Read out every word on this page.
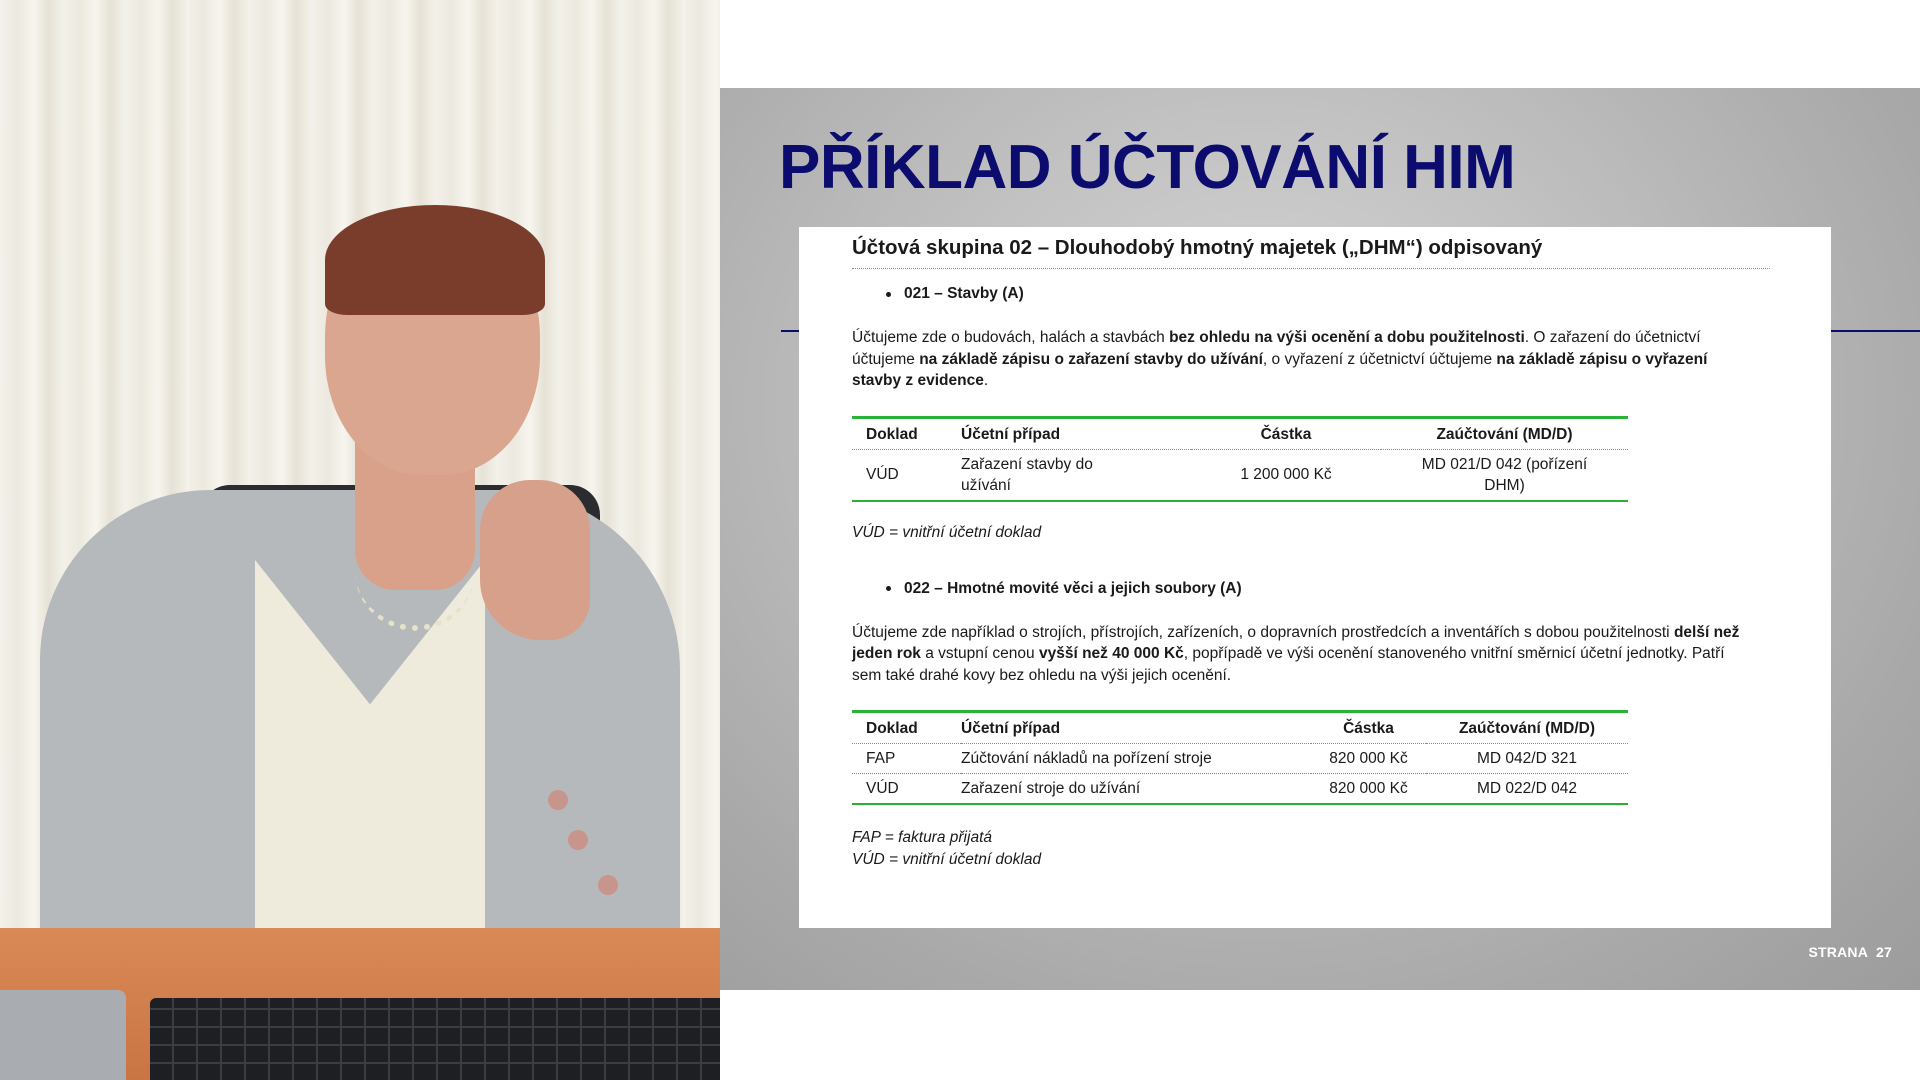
PŘÍKLAD ÚČTOVÁNÍ HIM
Účtová skupina 02 – Dlouhodobý hmotný majetek („DHM“) odpisovaný
021 – Stavby (A)

Účtujeme zde o budovách, halách a stavbách bez ohledu na výši ocenění a dobu použitelnosti. O zařazení do účetnictví účtujeme na základě zápisu o zařazení stavby do užívání, o vyřazení z účetnictví účtujeme na základě zápisu o vyřazení stavby z evidence.

Doklad	Účetní případ	Částka	Zaúčtování (MD/D)
VÚD	Zařazení stavby do užívání	1 200 000 Kč	MD 021/D 042 (pořízení DHM)
VÚD = vnitřní účetní doklad
022 – Hmotné movité věci a jejich soubory (A)

Účtujeme zde například o strojích, přístrojích, zařízeních, o dopravních prostředcích a inventářích s dobou použitelnosti delší než jeden rok a vstupní cenou vyšší než 40 000 Kč, popřípadě ve výši ocenění stanoveného vnitřní směrnicí účetní jednotky. Patří sem také drahé kovy bez ohledu na výši jejich ocenění.

Doklad	Účetní případ	Částka	Zaúčtování (MD/D)
FAP	Zúčtování nákladů na pořízení stroje	820 000 Kč	MD 042/D 321
VÚD	Zařazení stroje do užívání	820 000 Kč	MD 022/D 042
FAP = faktura přijatá
VÚD = vnitřní účetní doklad
STRANA 27
